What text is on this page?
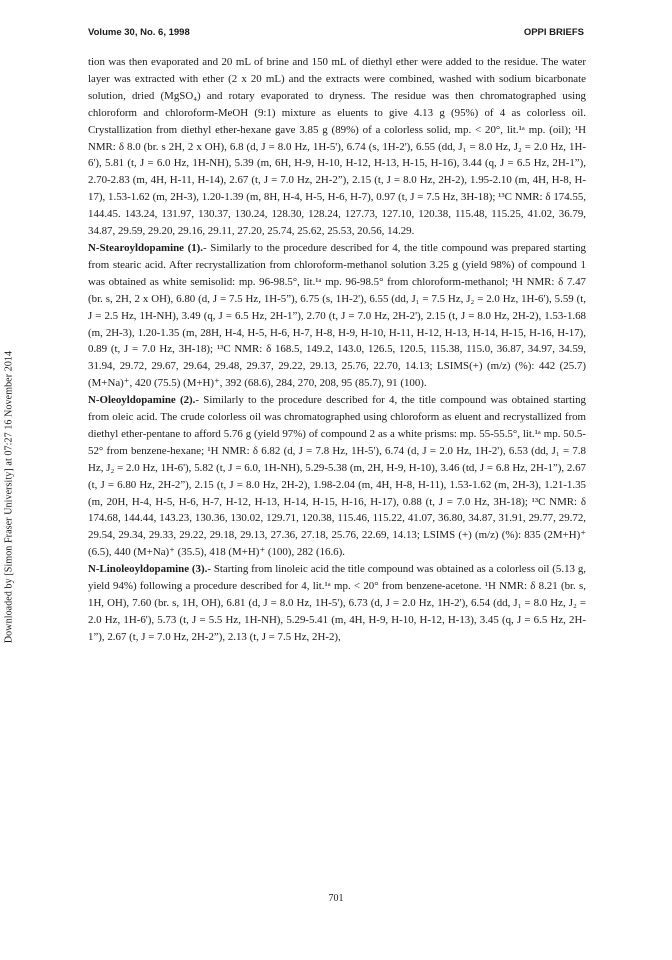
Volume 30, No. 6, 1998	OPPI BRIEFS
Downloaded by [Simon Fraser University] at 07:27 16 November 2014

tion was then evaporated and 20 mL of brine and 150 mL of diethyl ether were added to the residue. The water layer was extracted with ether (2 x 20 mL) and the extracts were combined, washed with sodium bicarbonate solution, dried (MgSO₄) and rotary evaporated to dryness. The residue was then chromatographed using chloroform and chloroform-MeOH (9:1) mixture as eluents to give 4.13 g (95%) of 4 as colorless oil. Crystallization from diethyl ether-hexane gave 3.85 g (89%) of a colorless solid, mp. < 20°, lit.¹ᵃ mp. (oil); ¹H NMR: δ 8.0 (br. s 2H, 2 x OH), 6.8 (d, J = 8.0 Hz, 1H-5'), 6.74 (s, 1H-2'), 6.55 (dd, J₁ = 8.0 Hz, J₂ = 2.0 Hz, 1H-6'), 5.81 (t, J = 6.0 Hz, 1H-NH), 5.39 (m, 6H, H-9, H-10, H-12, H-13, H-15, H-16), 3.44 (q, J = 6.5 Hz, 2H-1”), 2.70-2.83 (m, 4H, H-11, H-14), 2.67 (t, J = 7.0 Hz, 2H-2”), 2.15 (t, J = 8.0 Hz, 2H-2), 1.95-2.10 (m, 4H, H-8, H-17), 1.53-1.62 (m, 2H-3), 1.20-1.39 (m, 8H, H-4, H-5, H-6, H-7), 0.97 (t, J = 7.5 Hz, 3H-18); ¹³C NMR: δ 174.55, 144.45. 143.24, 131.97, 130.37, 130.24, 128.30, 128.24, 127.73, 127.10, 120.38, 115.48, 115.25, 41.02, 36.79, 34.87, 29.59, 29.20, 29.16, 29.11, 27.20, 25.74, 25.62, 25.53, 20.56, 14.29.

N-Stearoyldopamine (1).- Similarly to the procedure described for 4, the title compound was prepared starting from stearic acid. After recrystallization from chloroform-methanol solution 3.25 g (yield 98%) of compound 1 was obtained as white semisolid: mp. 96-98.5°, lit.¹ᵃ mp. 96-98.5° from chloroform-methanol; ¹H NMR: δ 7.47 (br. s, 2H, 2 x OH), 6.80 (d, J = 7.5 Hz, 1H-5”), 6.75 (s, 1H-2'), 6.55 (dd, J₁ = 7.5 Hz, J₂ = 2.0 Hz, 1H-6'), 5.59 (t, J = 2.5 Hz, 1H-NH), 3.49 (q, J = 6.5 Hz, 2H-1”), 2.70 (t, J = 7.0 Hz, 2H-2'), 2.15 (t, J = 8.0 Hz, 2H-2), 1.53-1.68 (m, 2H-3), 1.20-1.35 (m, 28H, H-4, H-5, H-6, H-7, H-8, H-9, H-10, H-11, H-12, H-13, H-14, H-15, H-16, H-17), 0.89 (t, J = 7.0 Hz, 3H-18); ¹³C NMR: δ 168.5, 149.2, 143.0, 126.5, 120.5, 115.38, 115.0, 36.87, 34.97, 34.59, 31.94, 29.72, 29.67, 29.64, 29.48, 29.37, 29.22, 29.13, 25.76, 22.70, 14.13; LSIMS(+) (m/z) (%): 442 (25.7) (M+Na)⁺, 420 (75.5) (M+H)⁺, 392 (68.6), 284, 270, 208, 95 (85.7), 91 (100).

N-Oleoyldopamine (2).- Similarly to the procedure described for 4, the title compound was obtained starting from oleic acid. The crude colorless oil was chromatographed using chloroform as eluent and recrystallized from diethyl ether-pentane to afford 5.76 g (yield 97%) of compound 2 as a white prisms: mp. 55-55.5°, lit.¹ᵃ mp. 50.5-52° from benzene-hexane; ¹H NMR: δ 6.82 (d, J = 7.8 Hz, 1H-5'), 6.74 (d, J = 2.0 Hz, 1H-2'), 6.53 (dd, J₁ = 7.8 Hz, J₂ = 2.0 Hz, 1H-6'), 5.82 (t, J = 6.0, 1H-NH), 5.29-5.38 (m, 2H, H-9, H-10), 3.46 (td, J = 6.8 Hz, 2H-1”), 2.67 (t, J = 6.80 Hz, 2H-2”), 2.15 (t, J = 8.0 Hz, 2H-2), 1.98-2.04 (m, 4H, H-8, H-11), 1.53-1.62 (m, 2H-3), 1.21-1.35 (m, 20H, H-4, H-5, H-6, H-7, H-12, H-13, H-14, H-15, H-16, H-17), 0.88 (t, J = 7.0 Hz, 3H-18); ¹³C NMR: δ 174.68, 144.44, 143.23, 130.36, 130.02, 129.71, 120.38, 115.46, 115.22, 41.07, 36.80, 34.87, 31.91, 29.77, 29.72, 29.54, 29.34, 29.33, 29.22, 29.18, 29.13, 27.36, 27.18, 25.76, 22.69, 14.13; LSIMS (+) (m/z) (%): 835 (2M+H)⁺ (6.5), 440 (M+Na)⁺ (35.5), 418 (M+H)⁺ (100), 282 (16.6).

N-Linoleoyldopamine (3).- Starting from linoleic acid the title compound was obtained as a colorless oil (5.13 g, yield 94%) following a procedure described for 4, lit.¹ᵃ mp. < 20° from benzene-acetone. ¹H NMR: δ 8.21 (br. s, 1H, OH), 7.60 (br. s, 1H, OH), 6.81 (d, J = 8.0 Hz, 1H-5'), 6.73 (d, J = 2.0 Hz, 1H-2'), 6.54 (dd, J₁ = 8.0 Hz, J₂ = 2.0 Hz, 1H-6'), 5.73 (t, J = 5.5 Hz, 1H-NH), 5.29-5.41 (m, 4H, H-9, H-10, H-12, H-13), 3.45 (q, J = 6.5 Hz, 2H-1”), 2.67 (t, J = 7.0 Hz, 2H-2”), 2.13 (t, J = 7.5 Hz, 2H-2),

701
